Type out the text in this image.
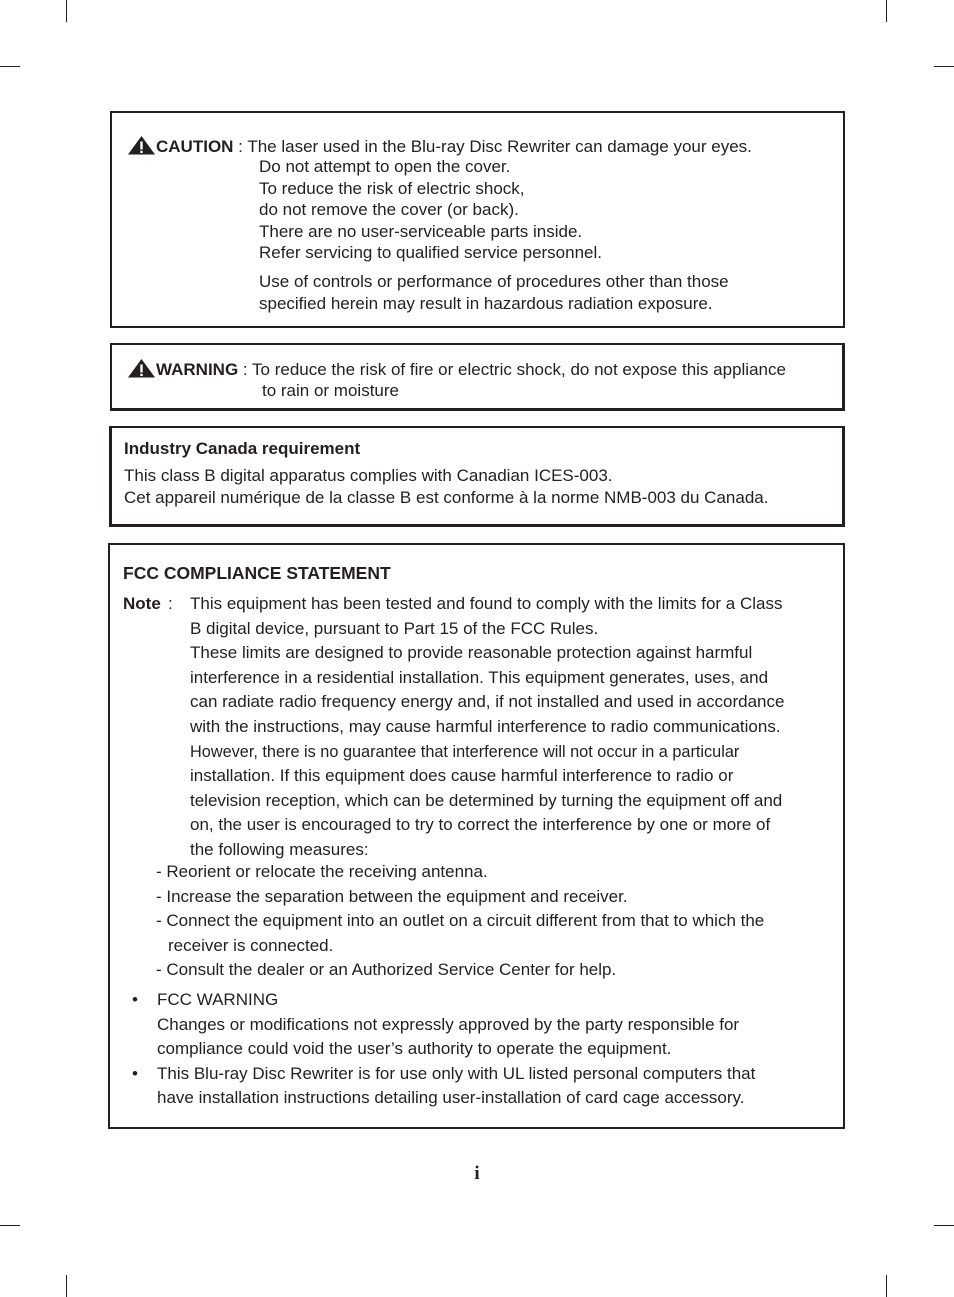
CAUTION : The laser used in the Blu-ray Disc Rewriter can damage your eyes.
Do not attempt to open the cover.
To reduce the risk of electric shock,
do not remove the cover (or back).
There are no user-serviceable parts inside.
Refer servicing to qualified service personnel.
Use of controls or performance of procedures other than those
specified herein may result in hazardous radiation exposure.
WARNING : To reduce the risk of fire or electric shock, do not expose this appliance
to rain or moisture
Industry Canada requirement
This class B digital apparatus complies with Canadian ICES-003.
Cet appareil numérique de la classe B est conforme à la norme NMB-003 du Canada.
FCC COMPLIANCE STATEMENT
Note : This equipment has been tested and found to comply with the limits for a Class
B digital device, pursuant to Part 15 of the FCC Rules.
These limits are designed to provide reasonable protection against harmful
interference in a residential installation. This equipment generates, uses, and
can radiate radio frequency energy and, if not installed and used in accordance
with the instructions, may cause harmful interference to radio communications.
However, there is no guarantee that interference will not occur in a particular
installation. If this equipment does cause harmful interference to radio or
television reception, which can be determined by turning the equipment off and
on, the user is encouraged to try to correct the interference by one or more of
the following measures:
- Reorient or relocate the receiving antenna.
- Increase the separation between the equipment and receiver.
- Connect the equipment into an outlet on a circuit different from that to which the
receiver is connected.
- Consult the dealer or an Authorized Service Center for help.
• FCC WARNING
Changes or modifications not expressly approved by the party responsible for
compliance could void the user’s authority to operate the equipment.
• This Blu-ray Disc Rewriter is for use only with UL listed personal computers that
have installation instructions detailing user-installation of card cage accessory.
i
